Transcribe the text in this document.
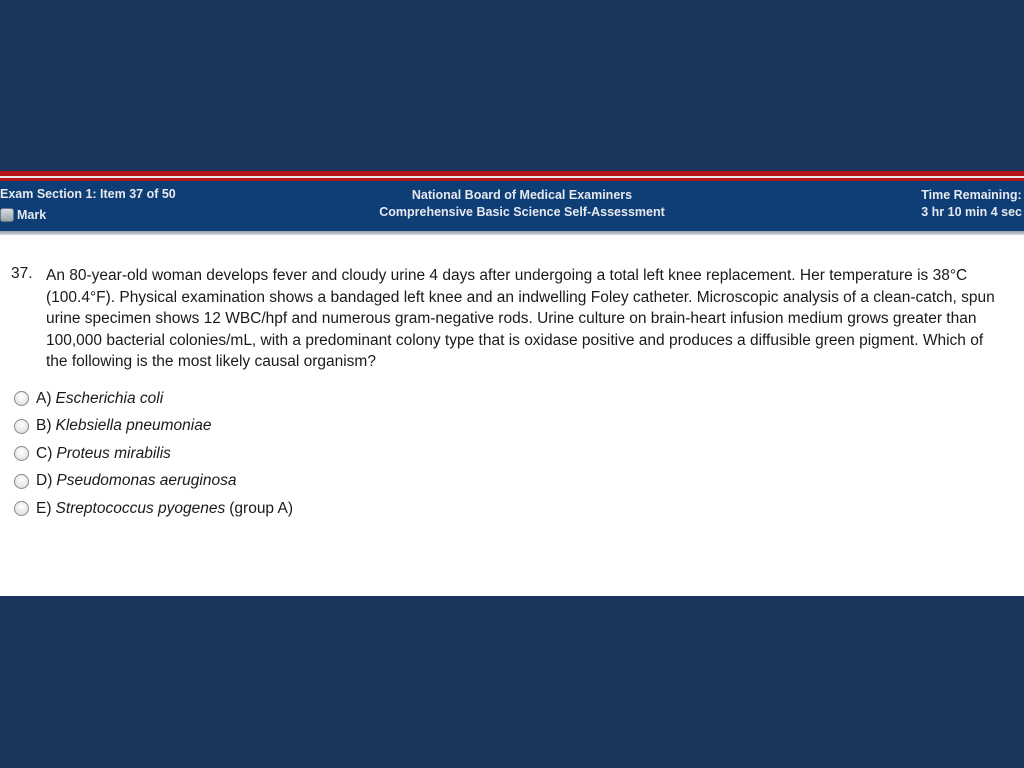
Exam Section 1: Item 37 of 50
Mark
National Board of Medical Examiners
Comprehensive Basic Science Self-Assessment
Time Remaining:
3 hr 10 min 4 sec
37. An 80-year-old woman develops fever and cloudy urine 4 days after undergoing a total left knee replacement. Her temperature is 38°C (100.4°F). Physical examination shows a bandaged left knee and an indwelling Foley catheter. Microscopic analysis of a clean-catch, spun urine specimen shows 12 WBC/hpf and numerous gram-negative rods. Urine culture on brain-heart infusion medium grows greater than 100,000 bacterial colonies/mL, with a predominant colony type that is oxidase positive and produces a diffusible green pigment. Which of the following is the most likely causal organism?
A) Escherichia coli
B) Klebsiella pneumoniae
C) Proteus mirabilis
D) Pseudomonas aeruginosa
E) Streptococcus pyogenes (group A)
